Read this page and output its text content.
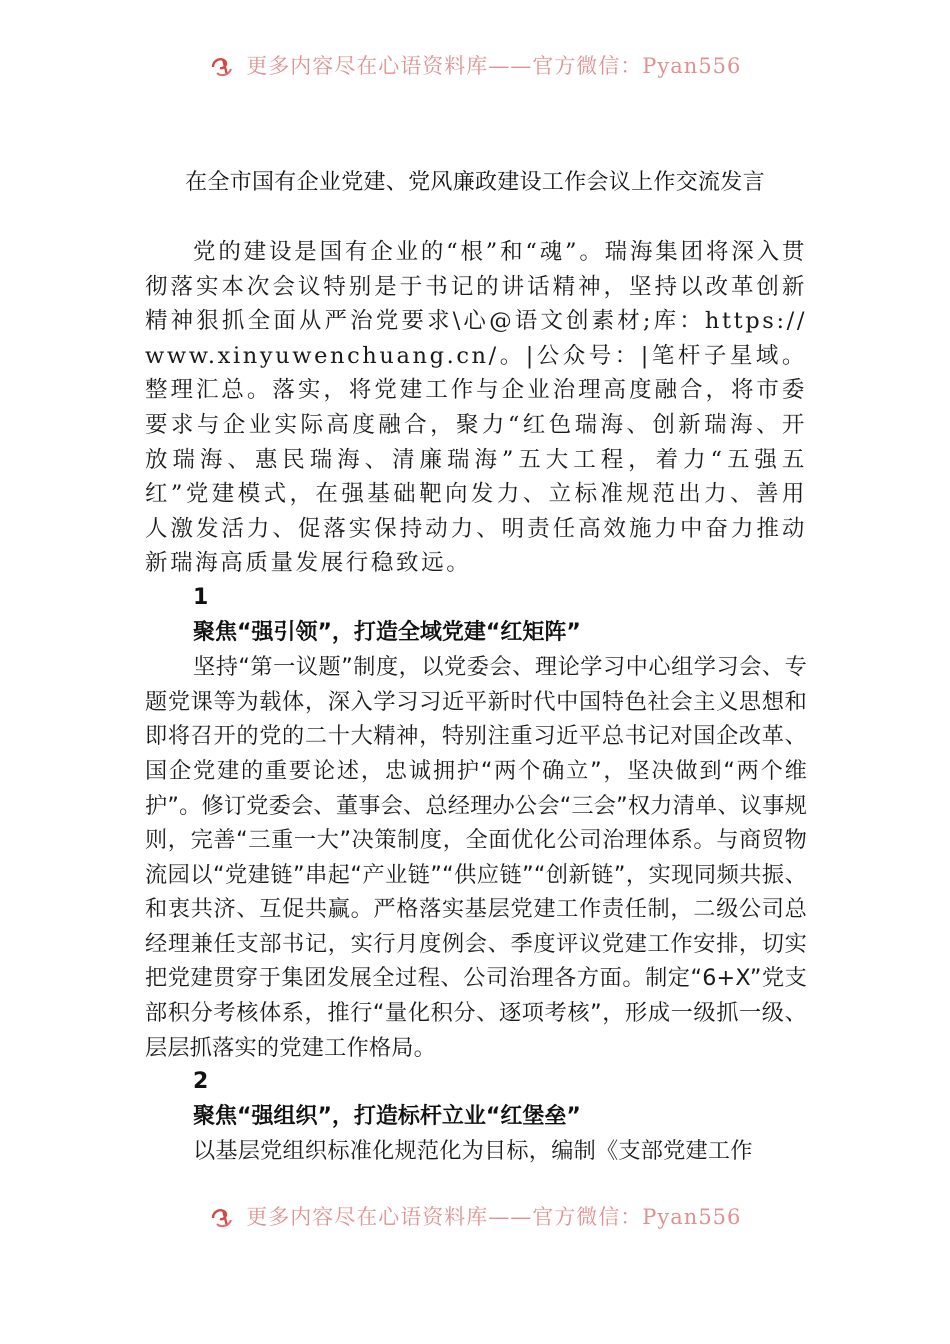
更多内容尽在心语资料库——官方微信：Pyan556
在全市国有企业党建、党风廉政建设工作会议上作交流发言

党的建设是国有企业的“根”和“魂”。瑞海集团将深入贯彻落实本次会议特别是于书记的讲话精神，坚持以改革创新精神狠抓全面从严治党要求\心@语文创素材;库：https://www.xinyuwenchuang.cn/。|公众号：|笔杆子星域。整理汇总。落实，将党建工作与企业治理高度融合，将市委要求与企业实际高度融合，聚力“红色瑞海、创新瑞海、开放瑞海、惠民瑞海、清廉瑞海”五大工程，着力“五强五红”党建模式，在强基础靶向发力、立标准规范出力、善用人激发活力、促落实保持动力、明责任高效施力中奋力推动新瑞海高质量发展行稳致远。

1

聚焦“强引领”，打造全域党建“红矩阵”

坚持“第一议题”制度，以党委会、理论学习中心组学习会、专题党课等为载体，深入学习习近平新时代中国特色社会主义思想和即将召开的党的二十大精神，特别注重习近平总书记对国企改革、国企党建的重要论述，忠诚拥护“两个确立”，坚决做到“两个维护”。修订党委会、董事会、总经理办公会“三会”权力清单、议事规则，完善“三重一大”决策制度，全面优化公司治理体系。与商贸物流园以“党建链”串起“产业链”“供应链”“创新链”，实现同频共振、和衷共济、互促共赢。严格落实基层党建工作责任制，二级公司总经理兼任支部书记，实行月度例会、季度评议党建工作安排，切实把党建贯穿于集团发展全过程、公司治理各方面。制定“6+X”党支部积分考核体系，推行“量化积分、逐项考核”，形成一级抓一级、层层抓落实的党建工作格局。

2

聚焦“强组织”，打造标杆立业“红堡垒”

以基层党组织标准化规范化为目标，编制《支部党建工作

更多内容尽在心语资料库——官方微信：Pyan556
